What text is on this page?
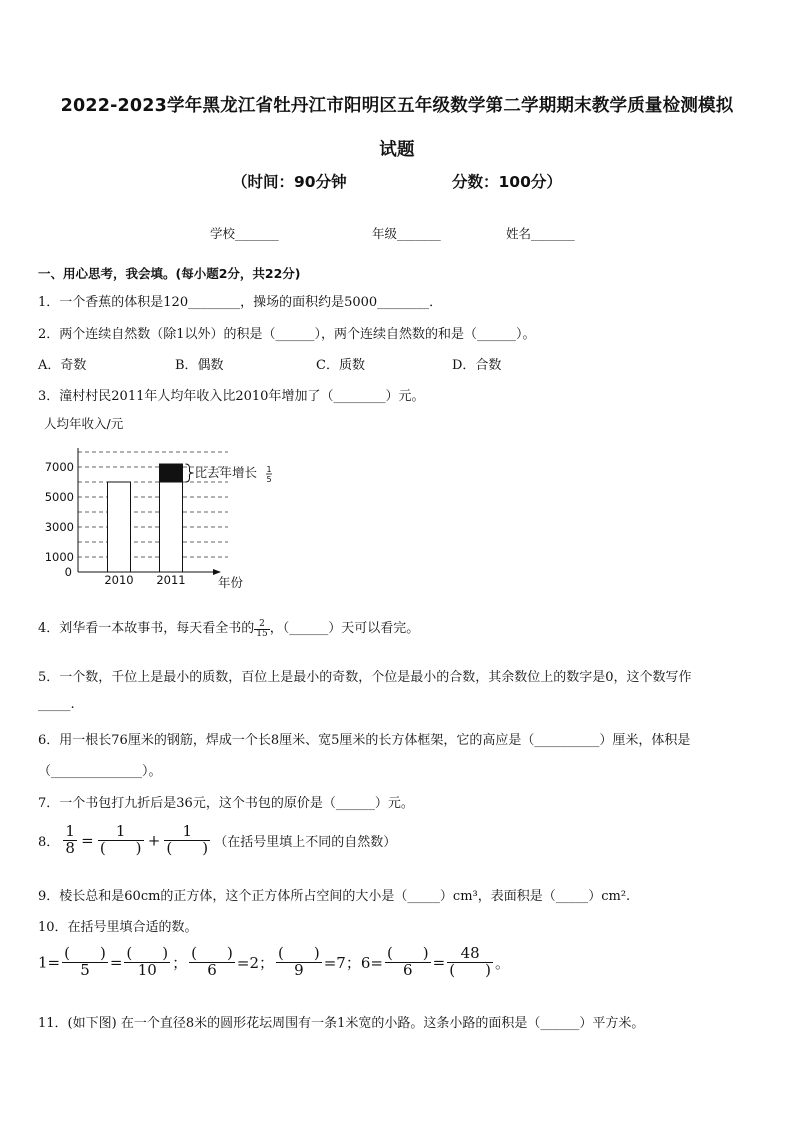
2022-2023学年黑龙江省牡丹江市阳明区五年级数学第二学期期末教学质量检测模拟
试题
（时间：90分钟	分数：100分）
学校_______	年级_______	姓名_______
一、用心思考，我会填。(每小题2分，共22分)
1．一个香蕉的体积是120________，操场的面积约是5000________．
2．两个连续自然数（除1以外）的积是（______），两个连续自然数的和是（______）。
A．奇数	B．偶数	C．质数	D．合数
3．潼村村民2011年人均年收入比2010年增加了（________）元。
人均年收入/元
年份
0
1000
3000
5000
7000
2010 2011
比去年增长 1
5
4．刘华看一本故事书，每天看全书的 $\frac{2}{15}$ ，（______）天可以看完。
5．一个数，千位上是最小的质数，百位上是最小的奇数，个位是最小的合数，其余数位上的数字是0，这个数写作
_____.
6．用一根长76厘米的钢筋，焊成一个长8厘米、宽5厘米的长方体框架，它的高应是（__________）厘米，体积是
（______________）。
7．一个书包打九折后是36元，这个书包的原价是（______）元。
8． $\frac{1}{8} = \frac{1}{( )} + \frac{1}{( )}$ （在括号里填上不同的自然数）
9．棱长总和是60cm的正方体，这个正方体所占空间的大小是（_____）cm³，表面积是（_____）cm².
10．在括号里填合适的数。
$1= \frac{( )}{5} = \frac{( )}{10}$ ； $\frac{( )}{6} =2$； $\frac{( )}{9} =7$；$6= \frac{( )}{6} = \frac{48}{( )}$ 。
11．(如下图) 在一个直径8米的圆形花坛周围有一条1米宽的小路。这条小路的面积是（______）平方米。
